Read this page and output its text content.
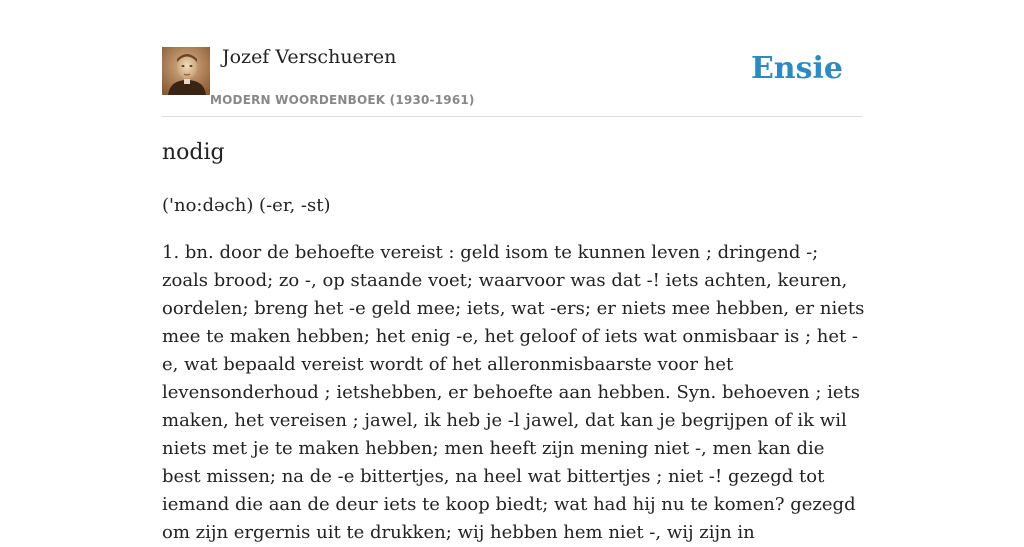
Jozef Verschueren
MODERN WOORDENBOEK (1930-1961)
Ensie
nodig
('no:dəch) (-er, -st)

1. bn. door de behoefte vereist : geld isom te kunnen leven ; dringend -; zoals brood; zo -, op staande voet; waarvoor was dat -! iets achten, keuren, oordelen; breng het -e geld mee; iets, wat -ers; er niets mee hebben, er niets mee te maken hebben; het enig -e, het geloof of iets wat onmisbaar is ; het -e, wat bepaald vereist wordt of het alleronmisbaarste voor het levensonderhoud ; ietshebben, er behoefte aan hebben. Syn. behoeven ; iets maken, het vereisen ; jawel, ik heb je -l jawel, dat kan je begrijpen of ik wil niets met je te maken hebben; men heeft zijn mening niet -, men kan die best missen; na de -e bittertjes, na heel wat bittertjes ; niet -! gezegd tot iemand die aan de deur iets te koop biedt; wat had hij nu te komen? gezegd om zijn ergernis uit te drukken; wij hebben hem niet -, wij zijn in
